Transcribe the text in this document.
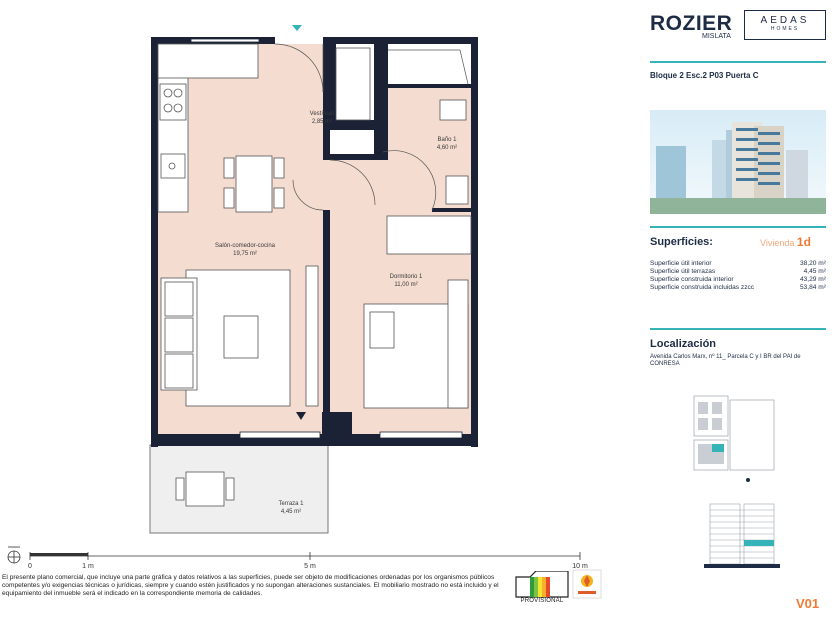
Vestíbulo
2,85 m²
Baño 1
4,60 m²
Salón-comedor-cocina
19,75 m²
Dormitorio 1
11,00 m²
Terraza 1
4,45 m²
0	1 m	5 m	10 m

El presente plano comercial, que incluye una parte gráfica y datos relativos a las superficies, puede ser objeto de modificaciones ordenadas por los organismos públicos competentes y/o exigencias técnicas o jurídicas, siempre y cuando estén justificados y no supongan alteraciones sustanciales. El mobiliario mostrado no está incluido y el equipamiento del inmueble será el indicado en la correspondiente memoria de calidades.

PROVISIONAL
ROZIER
MISLATA
AEDAS
HOMES
Bloque 2 Esc.2 P03 Puerta C
Superficies:	Vivienda 1d
Superficie útil interior	38,20 m²
Superficie útil terrazas	4,45 m²
Superficie construida interior	43,29 m²
Superficie construida incluidas zzcc	53,84 m²
Localización
Avenida Carlos Marx, nº 11_ Parcela C y I BR del PAI de CONRESA
V01
